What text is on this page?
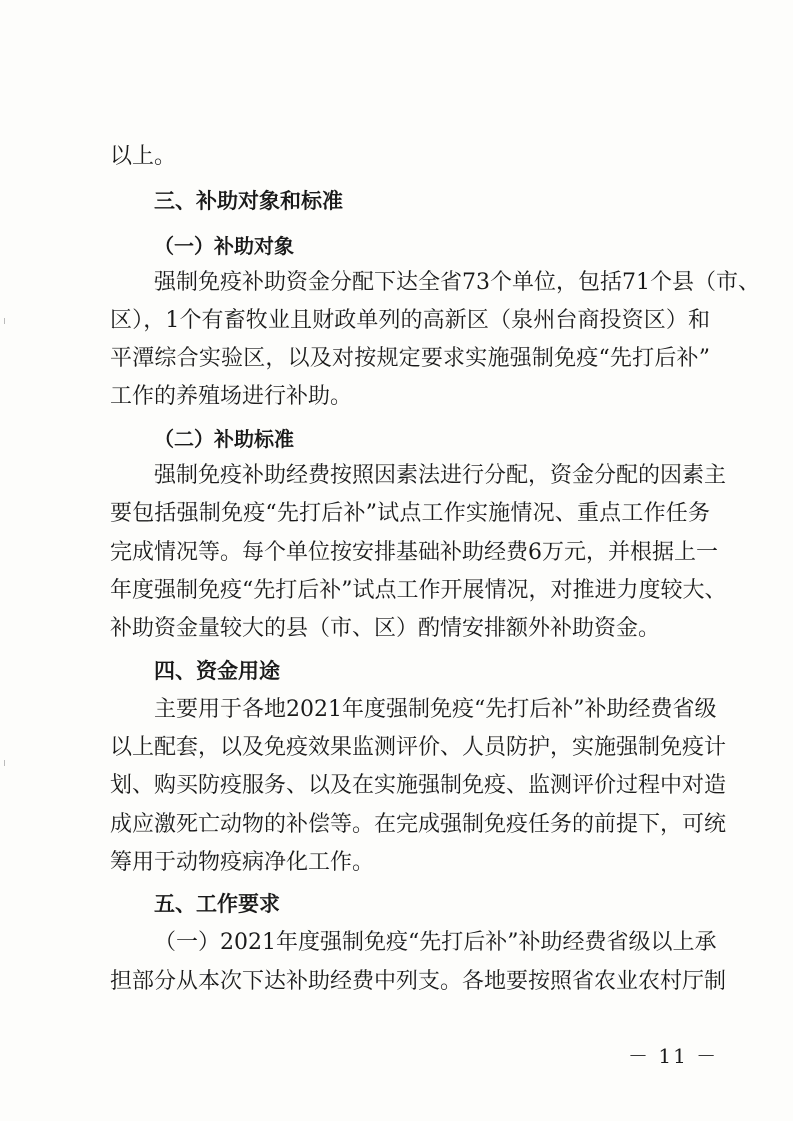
以上。
三、补助对象和标准
（一）补助对象
强制免疫补助资金分配下达全省73个单位，包括71个县（市、
区），1个有畜牧业且财政单列的高新区（泉州台商投资区）和
平潭综合实验区，以及对按规定要求实施强制免疫“先打后补”
工作的养殖场进行补助。
（二）补助标准
强制免疫补助经费按照因素法进行分配，资金分配的因素主
要包括强制免疫“先打后补”试点工作实施情况、重点工作任务
完成情况等。每个单位按安排基础补助经费6万元，并根据上一
年度强制免疫“先打后补”试点工作开展情况，对推进力度较大、
补助资金量较大的县（市、区）酌情安排额外补助资金。
四、资金用途
主要用于各地2021年度强制免疫“先打后补”补助经费省级
以上配套，以及免疫效果监测评价、人员防护，实施强制免疫计
划、购买防疫服务、以及在实施强制免疫、监测评价过程中对造
成应激死亡动物的补偿等。在完成强制免疫任务的前提下，可统
筹用于动物疫病净化工作。
五、工作要求
（一）2021年度强制免疫“先打后补”补助经费省级以上承
担部分从本次下达补助经费中列支。各地要按照省农业农村厅制
－ 11 －
